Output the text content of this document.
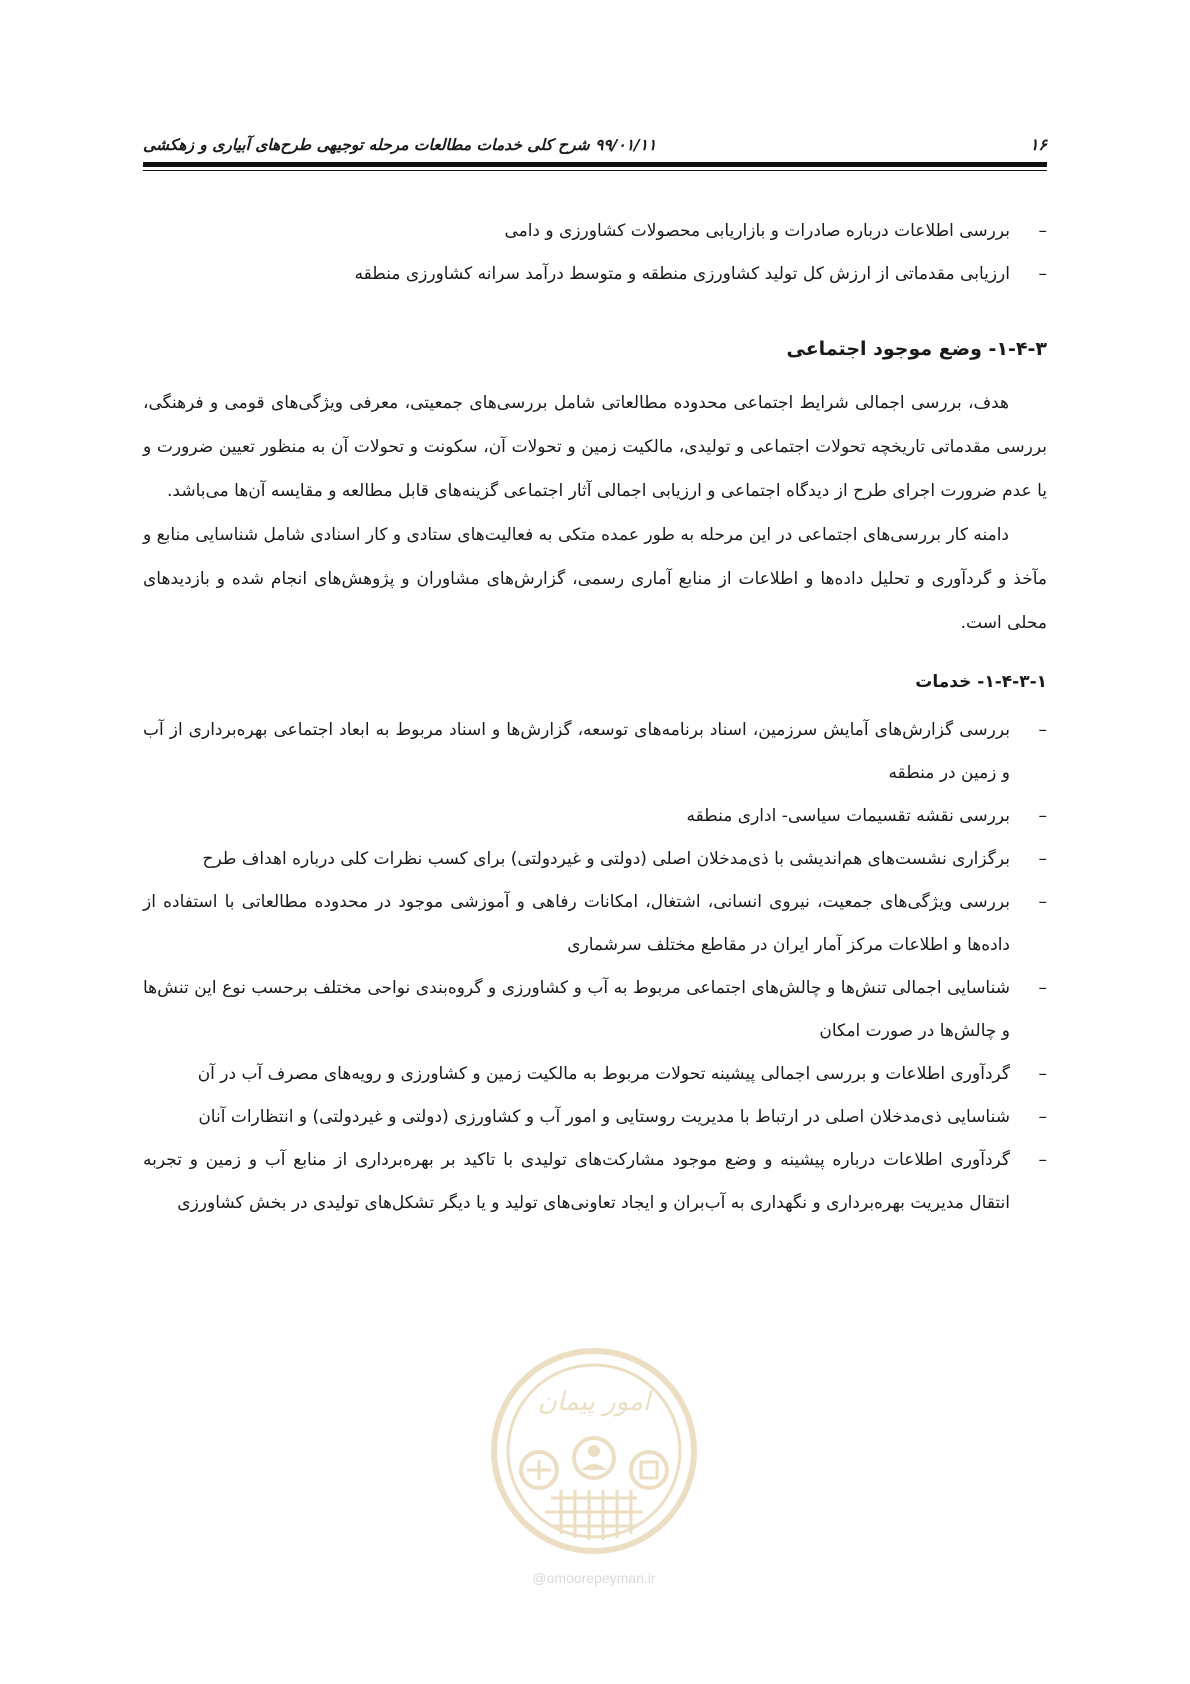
۱۶
۹۹/۰۱/۱۱ شرح کلی خدمات مطالعات مرحله توجیهی طرح‌های آبیاری و زهکشی
–
بررسی اطلاعات درباره صادرات و بازاریابی محصولات کشاورزی و دامی
–
ارزیابی مقدماتی از ارزش کل تولید کشاورزی منطقه و متوسط درآمد سرانه کشاورزی منطقه
۱-۴-۳- وضع موجود اجتماعی

هدف، بررسی اجمالی شرایط اجتماعی محدوده مطالعاتی شامل بررسی‌های جمعیتی، معرفی ویژگی‌های قومی و فرهنگی، بررسی مقدماتی تاریخچه تحولات اجتماعی و تولیدی، مالکیت زمین و تحولات آن، سکونت و تحولات آن به منظور تعیین ضرورت و یا عدم ضرورت اجرای طرح از دیدگاه اجتماعی و ارزیابی اجمالی آثار اجتماعی گزینه‌های قابل مطالعه و مقایسه آن‌ها می‌باشد.

دامنه کار بررسی‌های اجتماعی در این مرحله به طور عمده متکی به فعالیت‌های ستادی و کار اسنادی شامل شناسایی منابع و مآخذ و گردآوری و تحلیل داده‌ها و اطلاعات از منابع آماری رسمی، گزارش‌های مشاوران و پژوهش‌های انجام شده و بازدیدهای محلی است.

۱-۴-۳-۱- خدمات
–
بررسی گزارش‌های آمایش سرزمین، اسناد برنامه‌های توسعه، گزارش‌ها و اسناد مربوط به ابعاد اجتماعی بهره‌برداری از آب و زمین در منطقه
–
بررسی نقشه تقسیمات سیاسی- اداری منطقه
–
برگزاری نشست‌های هم‌اندیشی با ذی‌مدخلان اصلی (دولتی و غیردولتی) برای کسب نظرات کلی درباره اهداف طرح
–
بررسی ویژگی‌های جمعیت، نیروی انسانی، اشتغال، امکانات رفاهی و آموزشی موجود در محدوده مطالعاتی با استفاده از داده‌ها و اطلاعات مرکز آمار ایران در مقاطع مختلف سرشماری
–
شناسایی اجمالی تنش‌ها و چالش‌های اجتماعی مربوط به آب و کشاورزی و گروه‌بندی نواحی مختلف برحسب نوع این تنش‌ها و چالش‌ها در صورت امکان
–
گردآوری اطلاعات و بررسی اجمالی پیشینه تحولات مربوط به مالکیت زمین و کشاورزی و رویه‌های مصرف آب در آن
–
شناسایی ذی‌مدخلان اصلی در ارتباط با مدیریت روستایی و امور آب و کشاورزی (دولتی و غیردولتی) و انتظارات آنان
–
گردآوری اطلاعات درباره پیشینه و وضع موجود مشارکت‌های تولیدی با تاکید بر بهره‌برداری از منابع آب و زمین و تجربه انتقال مدیریت بهره‌برداری و نگهداری به آب‌بران و ایجاد تعاونی‌های تولید و یا دیگر تشکل‌های تولیدی در بخش کشاورزی
امور پیمان
@omoorepeyman.ir
